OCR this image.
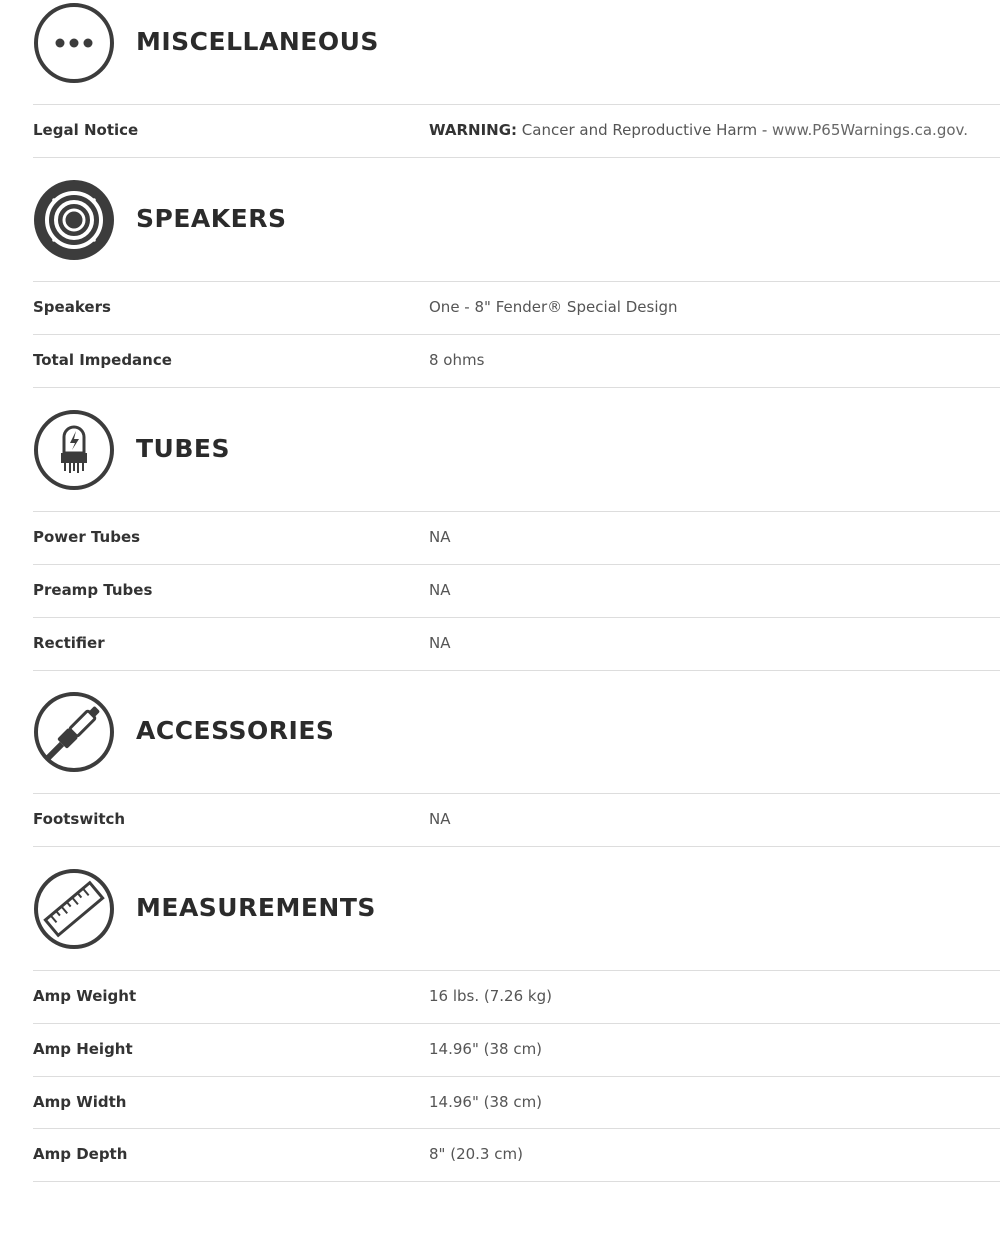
MISCELLANEOUS
Legal Notice	WARNING: Cancer and Reproductive Harm - www.P65Warnings.ca.gov.
SPEAKERS
Speakers	One - 8" Fender® Special Design
Total Impedance	8 ohms
TUBES
Power Tubes	NA
Preamp Tubes	NA
Rectifier	NA
ACCESSORIES
Footswitch	NA
MEASUREMENTS
Amp Weight	16 lbs. (7.26 kg)
Amp Height	14.96" (38 cm)
Amp Width	14.96" (38 cm)
Amp Depth	8" (20.3 cm)
